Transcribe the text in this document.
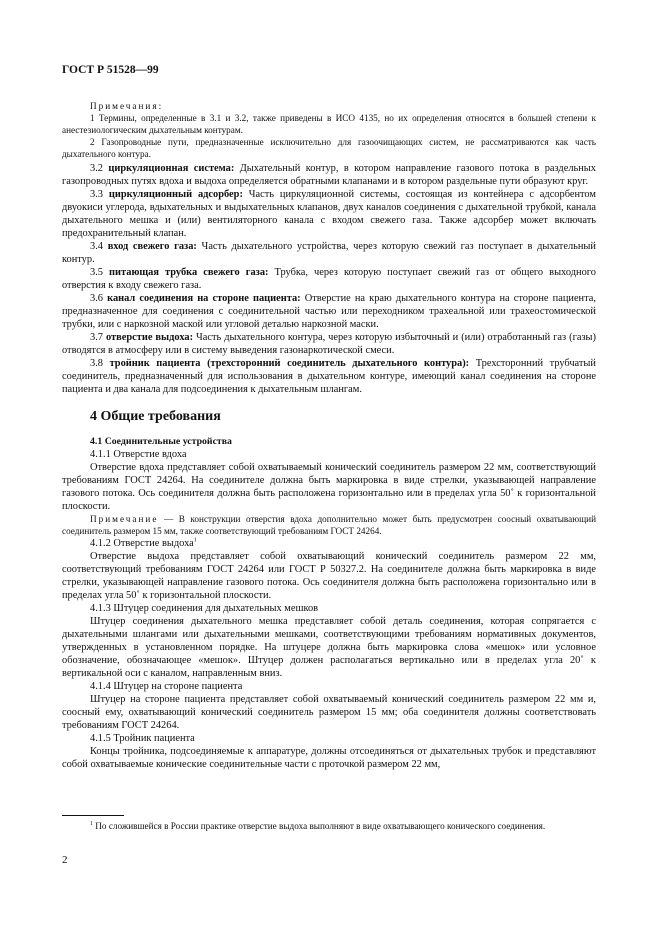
ГОСТ Р 51528—99

Примечания:

1 Термины, определенные в 3.1 и 3.2, также приведены в ИСО 4135, но их определения относятся в большей степени к анестезиологическим дыхательным контурам.

2 Газопроводные пути, предназначенные исключительно для газоочищающих систем, не рассматриваются как часть дыхательного контура.

3.2 циркуляционная система: Дыхательный контур, в котором направление газового потока в раздельных газопроводных путях вдоха и выдоха определяется обратными клапанами и в котором раздельные пути образуют круг.

3.3 циркуляционный адсорбер: Часть циркуляционной системы, состоящая из контейнера с адсорбентом двуокиси углерода, вдыхательных и выдыхательных клапанов, двух каналов соединения с дыхательной трубкой, канала дыхательного мешка и (или) вентиляторного канала с входом свежего газа. Также адсорбер может включать предохранительный клапан.

3.4 вход свежего газа: Часть дыхательного устройства, через которую свежий газ поступает в дыхательный контур.

3.5 питающая трубка свежего газа: Трубка, через которую поступает свежий газ от общего выходного отверстия к входу свежего газа.

3.6 канал соединения на стороне пациента: Отверстие на краю дыхательного контура на стороне пациента, предназначенное для соединения с соединительной частью или переходником трахеальной или трахеостомической трубки, или с наркозной маской или угловой деталью наркозной маски.

3.7 отверстие выдоха: Часть дыхательного контура, через которую избыточный и (или) отработанный газ (газы) отводятся в атмосферу или в систему выведения газонаркотической смеси.

3.8 тройник пациента (трехсторонний соединитель дыхательного контура): Трехсторонний трубчатый соединитель, предназначенный для использования в дыхательном контуре, имеющий канал соединения на стороне пациента и два канала для подсоединения к дыхательным шлангам.

4 Общие требования

4.1 Соединительные устройства

4.1.1 Отверстие вдоха

Отверстие вдоха представляет собой охватываемый конический соединитель размером 22 мм, соответствующий требованиям ГОСТ 24264. На соединителе должна быть маркировка в виде стрелки, указывающей направление газового потока. Ось соединителя должна быть расположена горизонтально или в пределах угла 50˚ к горизонтальной плоскости.

Примечание — В конструкции отверстия вдоха дополнительно может быть предусмотрен соосный охватывающий соединитель размером 15 мм, также соответствующий требованиям ГОСТ 24264.

4.1.2 Отверстие выдоха$^1$

Отверстие выдоха представляет собой охватывающий конический соединитель размером 22 мм, соответствующий требованиям ГОСТ 24264 или ГОСТ Р 50327.2. На соединителе должна быть маркировка в виде стрелки, указывающей направление газового потока. Ось соединителя должна быть расположена горизонтально или в пределах угла 50˚ к горизонтальной плоскости.

4.1.3 Штуцер соединения для дыхательных мешков

Штуцер соединения дыхательного мешка представляет собой деталь соединения, которая сопрягается с дыхательными шлангами или дыхательными мешками, соответствующими требованиям нормативных документов, утвержденных в установленном порядке. На штуцере должна быть маркировка слова «мешок» или условное обозначение, обозначающее «мешок». Штуцер должен располагаться вертикально или в пределах угла 20˚ к вертикальной оси с каналом, направленным вниз.

4.1.4 Штуцер на стороне пациента

Штуцер на стороне пациента представляет собой охватываемый конический соединитель размером 22 мм и, соосный ему, охватывающий конический соединитель размером 15 мм; оба соединителя должны соответствовать требованиям ГОСТ 24264.

4.1.5 Тройник пациента

Концы тройника, подсоединяемые к аппаратуре, должны отсоединяться от дыхательных трубок и представляют собой охватываемые конические соединительные части с проточкой размером 22 мм,

$^1$ По сложившейся в России практике отверстие выдоха выполняют в виде охватывающего конического соединения.

2
